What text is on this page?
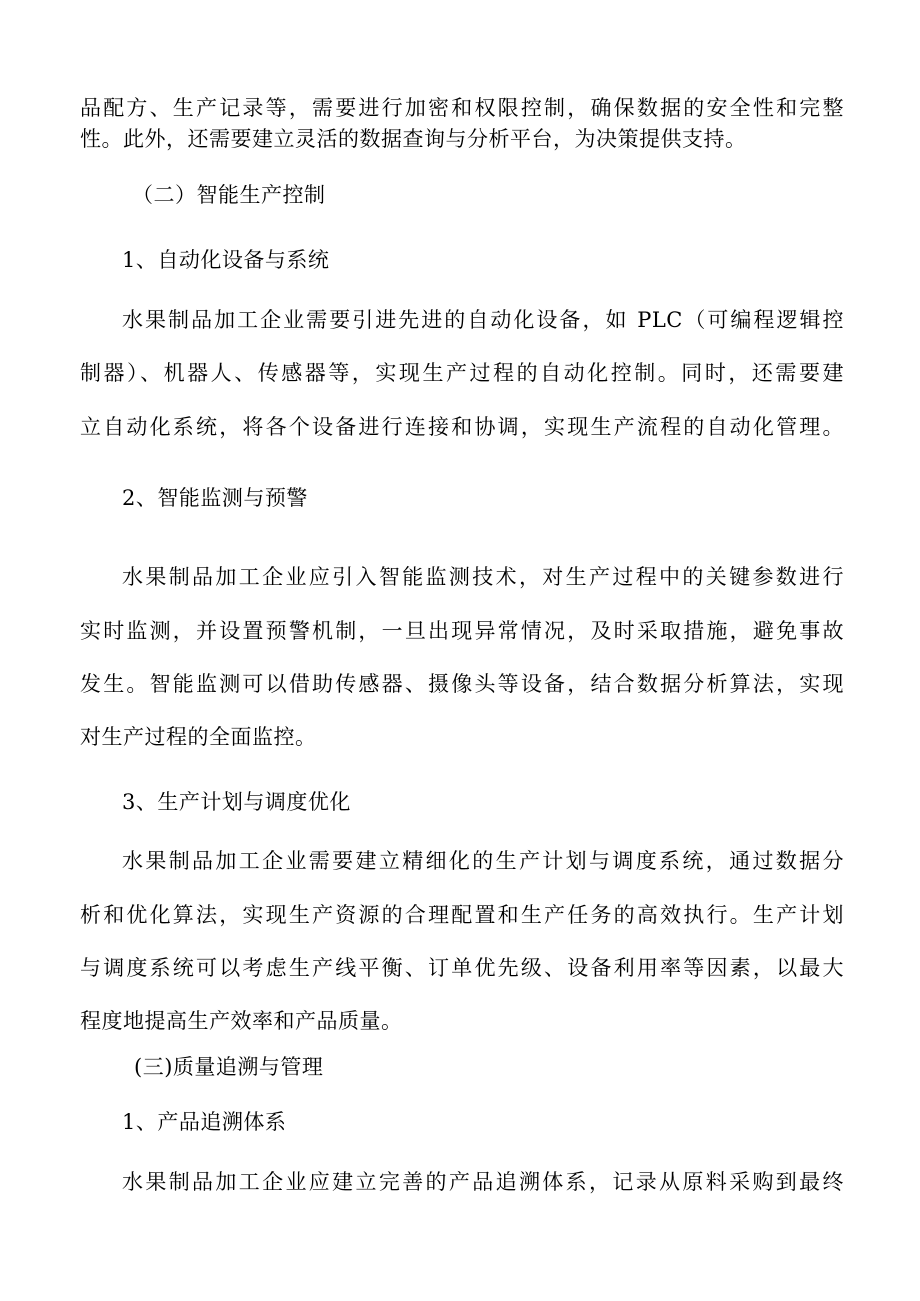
品配方、生产记录等，需要进行加密和权限控制，确保数据的安全性和完整
性。此外，还需要建立灵活的数据查询与分析平台，为决策提供支持。
（二）智能生产控制
1、自动化设备与系统
水果制品加工企业需要引进先进的自动化设备，如 PLC（可编程逻辑控
制器）、机器人、传感器等，实现生产过程的自动化控制。同时，还需要建
立自动化系统，将各个设备进行连接和协调，实现生产流程的自动化管理。
2、智能监测与预警
水果制品加工企业应引入智能监测技术，对生产过程中的关键参数进行
实时监测，并设置预警机制，一旦出现异常情况，及时采取措施，避免事故
发生。智能监测可以借助传感器、摄像头等设备，结合数据分析算法，实现
对生产过程的全面监控。
3、生产计划与调度优化
水果制品加工企业需要建立精细化的生产计划与调度系统，通过数据分
析和优化算法，实现生产资源的合理配置和生产任务的高效执行。生产计划
与调度系统可以考虑生产线平衡、订单优先级、设备利用率等因素，以最大
程度地提高生产效率和产品质量。
(三)质量追溯与管理
1、产品追溯体系
水果制品加工企业应建立完善的产品追溯体系，记录从原料采购到最终
